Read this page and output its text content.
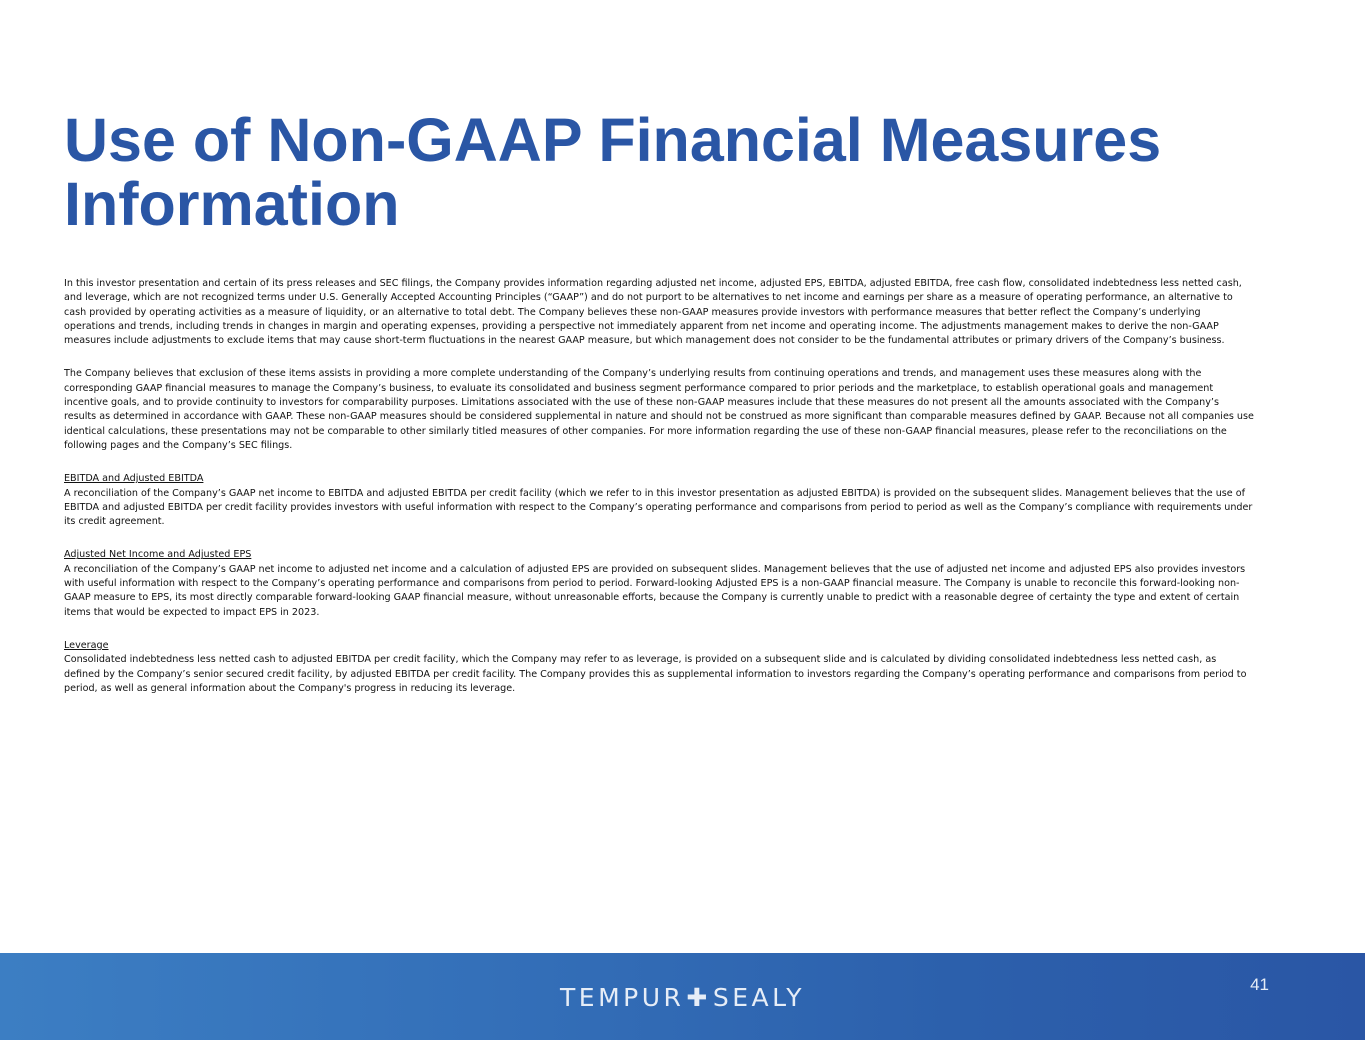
Use of Non-GAAP Financial Measures Information

In this investor presentation and certain of its press releases and SEC filings, the Company provides information regarding adjusted net income, adjusted EPS, EBITDA, adjusted EBITDA, free cash flow, consolidated indebtedness less netted cash, and leverage, which are not recognized terms under U.S. Generally Accepted Accounting Principles (“GAAP”) and do not purport to be alternatives to net income and earnings per share as a measure of operating performance, an alternative to cash provided by operating activities as a measure of liquidity, or an alternative to total debt. The Company believes these non-GAAP measures provide investors with performance measures that better reflect the Company’s underlying operations and trends, including trends in changes in margin and operating expenses, providing a perspective not immediately apparent from net income and operating income. The adjustments management makes to derive the non-GAAP measures include adjustments to exclude items that may cause short-term fluctuations in the nearest GAAP measure, but which management does not consider to be the fundamental attributes or primary drivers of the Company’s business.

The Company believes that exclusion of these items assists in providing a more complete understanding of the Company’s underlying results from continuing operations and trends, and management uses these measures along with the corresponding GAAP financial measures to manage the Company’s business, to evaluate its consolidated and business segment performance compared to prior periods and the marketplace, to establish operational goals and management incentive goals, and to provide continuity to investors for comparability purposes. Limitations associated with the use of these non-GAAP measures include that these measures do not present all the amounts associated with the Company’s results as determined in accordance with GAAP. These non-GAAP measures should be considered supplemental in nature and should not be construed as more significant than comparable measures defined by GAAP. Because not all companies use identical calculations, these presentations may not be comparable to other similarly titled measures of other companies. For more information regarding the use of these non-GAAP financial measures, please refer to the reconciliations on the following pages and the Company’s SEC filings.

EBITDA and Adjusted EBITDA
A reconciliation of the Company’s GAAP net income to EBITDA and adjusted EBITDA per credit facility (which we refer to in this investor presentation as adjusted EBITDA) is provided on the subsequent slides. Management believes that the use of EBITDA and adjusted EBITDA per credit facility provides investors with useful information with respect to the Company’s operating performance and comparisons from period to period as well as the Company’s compliance with requirements under its credit agreement.
Adjusted Net Income and Adjusted EPS
A reconciliation of the Company’s GAAP net income to adjusted net income and a calculation of adjusted EPS are provided on subsequent slides. Management believes that the use of adjusted net income and adjusted EPS also provides investors with useful information with respect to the Company’s operating performance and comparisons from period to period. Forward-looking Adjusted EPS is a non-GAAP financial measure. The Company is unable to reconcile this forward-looking non-GAAP measure to EPS, its most directly comparable forward-looking GAAP financial measure, without unreasonable efforts, because the Company is currently unable to predict with a reasonable degree of certainty the type and extent of certain items that would be expected to impact EPS in 2023.
Leverage
Consolidated indebtedness less netted cash to adjusted EBITDA per credit facility, which the Company may refer to as leverage, is provided on a subsequent slide and is calculated by dividing consolidated indebtedness less netted cash, as defined by the Company’s senior secured credit facility, by adjusted EBITDA per credit facility. The Company provides this as supplemental information to investors regarding the Company’s operating performance and comparisons from period to period, as well as general information about the Company's progress in reducing its leverage.
TEMPUR✚SEALY	41
